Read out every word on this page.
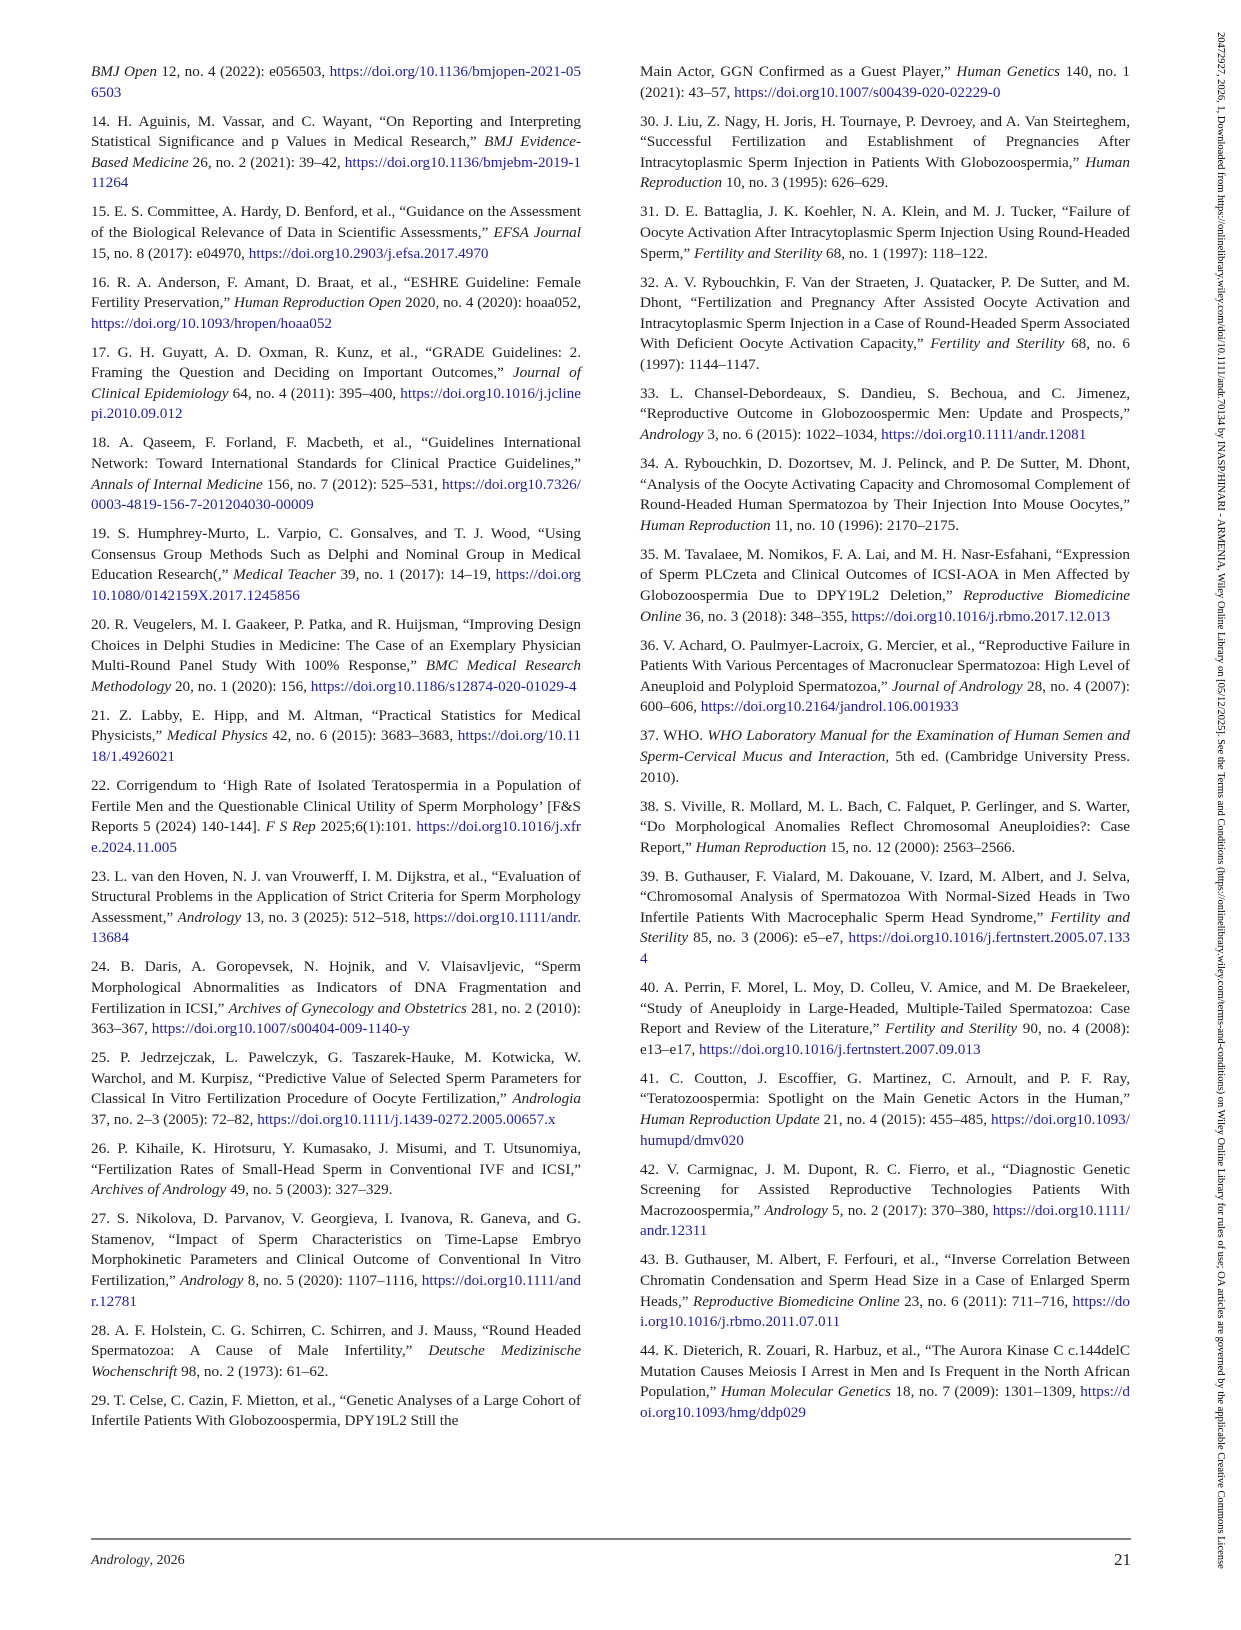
BMJ Open 12, no. 4 (2022): e056503, https://doi.org/10.1136/bmjopen-2021-056503

14. H. Aguinis, M. Vassar, and C. Wayant, “On Reporting and Interpreting Statistical Significance and p Values in Medical Research,” BMJ Evidence-Based Medicine 26, no. 2 (2021): 39–42, https://doi.org10.1136/bmjebm-2019-111264

15. E. S. Committee, A. Hardy, D. Benford, et al., “Guidance on the Assessment of the Biological Relevance of Data in Scientific Assessments,” EFSA Journal 15, no. 8 (2017): e04970, https://doi.org10.2903/j.efsa.2017.4970

16. R. A. Anderson, F. Amant, D. Braat, et al., “ESHRE Guideline: Female Fertility Preservation,” Human Reproduction Open 2020, no. 4 (2020): hoaa052, https://doi.org/10.1093/hropen/hoaa052

17. G. H. Guyatt, A. D. Oxman, R. Kunz, et al., “GRADE Guidelines: 2. Framing the Question and Deciding on Important Outcomes,” Journal of Clinical Epidemiology 64, no. 4 (2011): 395–400, https://doi.org10.1016/j.jclinepi.2010.09.012

18. A. Qaseem, F. Forland, F. Macbeth, et al., “Guidelines International Network: Toward International Standards for Clinical Practice Guidelines,” Annals of Internal Medicine 156, no. 7 (2012): 525–531, https://doi.org10.7326/0003-4819-156-7-201204030-00009

19. S. Humphrey-Murto, L. Varpio, C. Gonsalves, and T. J. Wood, “Using Consensus Group Methods Such as Delphi and Nominal Group in Medical Education Research(,” Medical Teacher 39, no. 1 (2017): 14–19, https://doi.org10.1080/0142159X.2017.1245856

20. R. Veugelers, M. I. Gaakeer, P. Patka, and R. Huijsman, “Improving Design Choices in Delphi Studies in Medicine: The Case of an Exemplary Physician Multi-Round Panel Study With 100% Response,” BMC Medical Research Methodology 20, no. 1 (2020): 156, https://doi.org10.1186/s12874-020-01029-4

21. Z. Labby, E. Hipp, and M. Altman, “Practical Statistics for Medical Physicists,” Medical Physics 42, no. 6 (2015): 3683–3683, https://doi.org/10.1118/1.4926021

22. Corrigendum to ‘High Rate of Isolated Teratospermia in a Population of Fertile Men and the Questionable Clinical Utility of Sperm Morphology’ [F&S Reports 5 (2024) 140-144]. F S Rep 2025;6(1):101. https://doi.org10.1016/j.xfre.2024.11.005

23. L. van den Hoven, N. J. van Vrouwerff, I. M. Dijkstra, et al., “Evaluation of Structural Problems in the Application of Strict Criteria for Sperm Morphology Assessment,” Andrology 13, no. 3 (2025): 512–518, https://doi.org10.1111/andr.13684

24. B. Daris, A. Goropevsek, N. Hojnik, and V. Vlaisavljevic, “Sperm Morphological Abnormalities as Indicators of DNA Fragmentation and Fertilization in ICSI,” Archives of Gynecology and Obstetrics 281, no. 2 (2010): 363–367, https://doi.org10.1007/s00404-009-1140-y

25. P. Jedrzejczak, L. Pawelczyk, G. Taszarek-Hauke, M. Kotwicka, W. Warchol, and M. Kurpisz, “Predictive Value of Selected Sperm Parameters for Classical In Vitro Fertilization Procedure of Oocyte Fertilization,” Andrologia 37, no. 2–3 (2005): 72–82, https://doi.org10.1111/j.1439-0272.2005.00657.x

26. P. Kihaile, K. Hirotsuru, Y. Kumasako, J. Misumi, and T. Utsunomiya, “Fertilization Rates of Small-Head Sperm in Conventional IVF and ICSI,” Archives of Andrology 49, no. 5 (2003): 327–329.

27. S. Nikolova, D. Parvanov, V. Georgieva, I. Ivanova, R. Ganeva, and G. Stamenov, “Impact of Sperm Characteristics on Time-Lapse Embryo Morphokinetic Parameters and Clinical Outcome of Conventional In Vitro Fertilization,” Andrology 8, no. 5 (2020): 1107–1116, https://doi.org10.1111/andr.12781

28. A. F. Holstein, C. G. Schirren, C. Schirren, and J. Mauss, “Round Headed Spermatozoa: A Cause of Male Infertility,” Deutsche Medizinische Wochenschrift 98, no. 2 (1973): 61–62.

29. T. Celse, C. Cazin, F. Mietton, et al., “Genetic Analyses of a Large Cohort of Infertile Patients With Globozoospermia, DPY19L2 Still the

Main Actor, GGN Confirmed as a Guest Player,” Human Genetics 140, no. 1 (2021): 43–57, https://doi.org10.1007/s00439-020-02229-0

30. J. Liu, Z. Nagy, H. Joris, H. Tournaye, P. Devroey, and A. Van Steirteghem, “Successful Fertilization and Establishment of Pregnancies After Intracytoplasmic Sperm Injection in Patients With Globozoospermia,” Human Reproduction 10, no. 3 (1995): 626–629.

31. D. E. Battaglia, J. K. Koehler, N. A. Klein, and M. J. Tucker, “Failure of Oocyte Activation After Intracytoplasmic Sperm Injection Using Round-Headed Sperm,” Fertility and Sterility 68, no. 1 (1997): 118–122.

32. A. V. Rybouchkin, F. Van der Straeten, J. Quatacker, P. De Sutter, and M. Dhont, “Fertilization and Pregnancy After Assisted Oocyte Activation and Intracytoplasmic Sperm Injection in a Case of Round-Headed Sperm Associated With Deficient Oocyte Activation Capacity,” Fertility and Sterility 68, no. 6 (1997): 1144–1147.

33. L. Chansel-Debordeaux, S. Dandieu, S. Bechoua, and C. Jimenez, “Reproductive Outcome in Globozoospermic Men: Update and Prospects,” Andrology 3, no. 6 (2015): 1022–1034, https://doi.org10.1111/andr.12081

34. A. Rybouchkin, D. Dozortsev, M. J. Pelinck, and P. De Sutter, M. Dhont, “Analysis of the Oocyte Activating Capacity and Chromosomal Complement of Round-Headed Human Spermatozoa by Their Injection Into Mouse Oocytes,” Human Reproduction 11, no. 10 (1996): 2170–2175.

35. M. Tavalaee, M. Nomikos, F. A. Lai, and M. H. Nasr-Esfahani, “Expression of Sperm PLCzeta and Clinical Outcomes of ICSI-AOA in Men Affected by Globozoospermia Due to DPY19L2 Deletion,” Reproductive Biomedicine Online 36, no. 3 (2018): 348–355, https://doi.org10.1016/j.rbmo.2017.12.013

36. V. Achard, O. Paulmyer-Lacroix, G. Mercier, et al., “Reproductive Failure in Patients With Various Percentages of Macronuclear Spermatozoa: High Level of Aneuploid and Polyploid Spermatozoa,” Journal of Andrology 28, no. 4 (2007): 600–606, https://doi.org10.2164/jandrol.106.001933

37. WHO. WHO Laboratory Manual for the Examination of Human Semen and Sperm-Cervical Mucus and Interaction, 5th ed. (Cambridge University Press. 2010).

38. S. Viville, R. Mollard, M. L. Bach, C. Falquet, P. Gerlinger, and S. Warter, “Do Morphological Anomalies Reflect Chromosomal Aneuploidies?: Case Report,” Human Reproduction 15, no. 12 (2000): 2563–2566.

39. B. Guthauser, F. Vialard, M. Dakouane, V. Izard, M. Albert, and J. Selva, “Chromosomal Analysis of Spermatozoa With Normal-Sized Heads in Two Infertile Patients With Macrocephalic Sperm Head Syndrome,” Fertility and Sterility 85, no. 3 (2006): e5–e7, https://doi.org10.1016/j.fertnstert.2005.07.1334

40. A. Perrin, F. Morel, L. Moy, D. Colleu, V. Amice, and M. De Braekeleer, “Study of Aneuploidy in Large-Headed, Multiple-Tailed Spermatozoa: Case Report and Review of the Literature,” Fertility and Sterility 90, no. 4 (2008): e13–e17, https://doi.org10.1016/j.fertnstert.2007.09.013

41. C. Coutton, J. Escoffier, G. Martinez, C. Arnoult, and P. F. Ray, “Teratozoospermia: Spotlight on the Main Genetic Actors in the Human,” Human Reproduction Update 21, no. 4 (2015): 455–485, https://doi.org10.1093/humupd/dmv020

42. V. Carmignac, J. M. Dupont, R. C. Fierro, et al., “Diagnostic Genetic Screening for Assisted Reproductive Technologies Patients With Macrozoospermia,” Andrology 5, no. 2 (2017): 370–380, https://doi.org10.1111/andr.12311

43. B. Guthauser, M. Albert, F. Ferfouri, et al., “Inverse Correlation Between Chromatin Condensation and Sperm Head Size in a Case of Enlarged Sperm Heads,” Reproductive Biomedicine Online 23, no. 6 (2011): 711–716, https://doi.org10.1016/j.rbmo.2011.07.011

44. K. Dieterich, R. Zouari, R. Harbuz, et al., “The Aurora Kinase C c.144delC Mutation Causes Meiosis I Arrest in Men and Is Frequent in the North African Population,” Human Molecular Genetics 18, no. 7 (2009): 1301–1309, https://doi.org10.1093/hmg/ddp029

Andrology, 2026	21	20472927, 2026, 1, Downloaded from https://onlinelibrary.wiley.com/doi/10.1111/andr.70134 by INASP/HINARI - ARMENIA, Wiley Online Library on [05/12/2025]. See the Terms and Conditions (https://onlinelibrary.wiley.com/terms-and-conditions) on Wiley Online Library for rules of use; OA articles are governed by the applicable Creative Commons License
